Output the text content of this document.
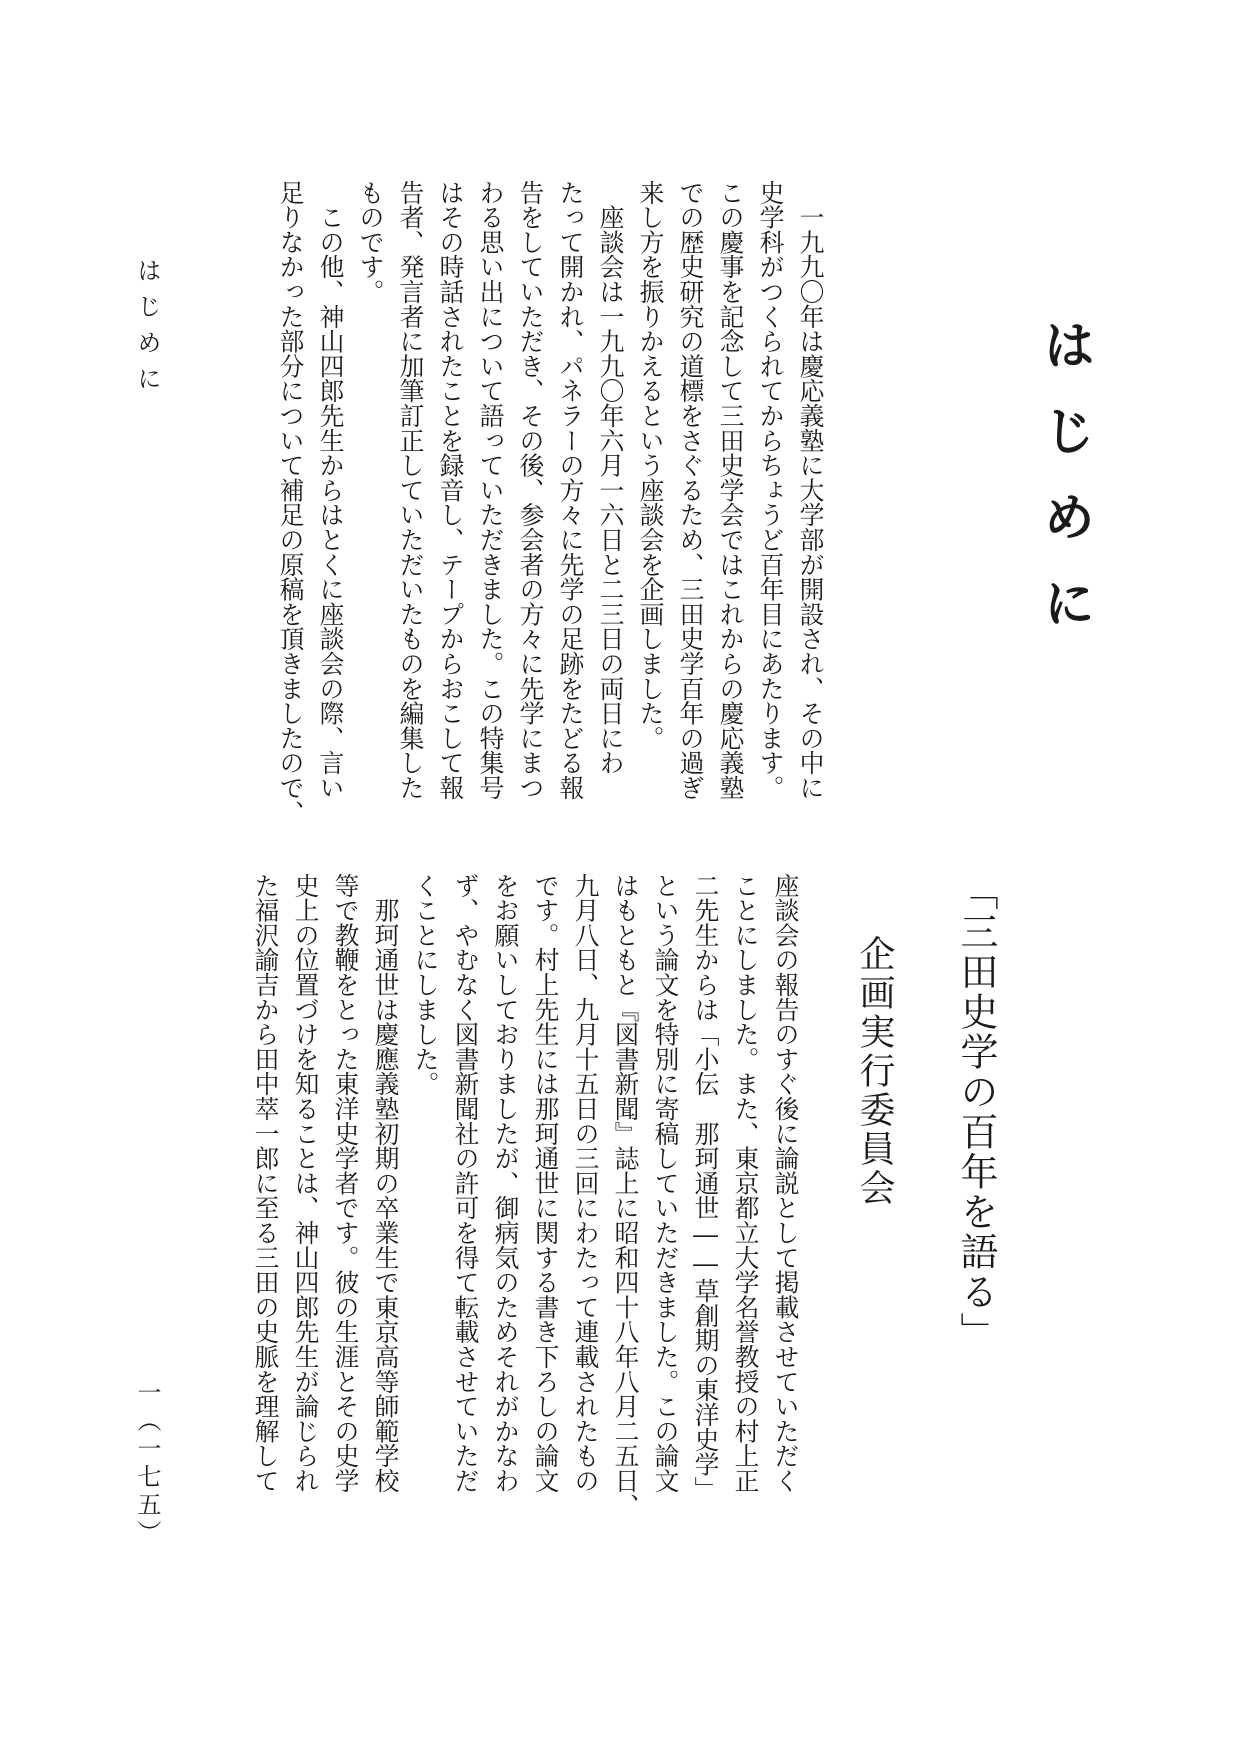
はじめに
「三田史学の百年を語る」
企画実行委員会
　一九九〇年は慶応義塾に大学部が開設され、その中に
史学科がつくられてからちょうど百年目にあたります。
この慶事を記念して三田史学会ではこれからの慶応義塾
での歴史研究の道標をさぐるため、三田史学百年の過ぎ
来し方を振りかえるという座談会を企画しました。
　座談会は一九九〇年六月一六日と二三日の両日にわ
たって開かれ、パネラーの方々に先学の足跡をたどる報
告をしていただき、その後、参会者の方々に先学にまつ
わる思い出について語っていただきました。この特集号
はその時話されたことを録音し、テープからおこして報
告者、発言者に加筆訂正していただいたものを編集した
ものです。
　この他、神山四郎先生からはとくに座談会の際、言い
足りなかった部分について補足の原稿を頂きましたので、
座談会の報告のすぐ後に論説として掲載させていただく
ことにしました。また、東京都立大学名誉教授の村上正
二先生からは「小伝　那珂通世――草創期の東洋史学」
という論文を特別に寄稿していただきました。この論文
はもともと『図書新聞』誌上に昭和四十八年八月二五日、
九月八日、九月十五日の三回にわたって連載されたもの
です。村上先生には那珂通世に関する書き下ろしの論文
をお願いしておりましたが、御病気のためそれがかなわ
ず、やむなく図書新聞社の許可を得て転載させていただ
くことにしました。
　那珂通世は慶應義塾初期の卒業生で東京高等師範学校
等で教鞭をとった東洋史学者です。彼の生涯とその史学
史上の位置づけを知ることは、神山四郎先生が論じられ
た福沢諭吉から田中萃一郎に至る三田の史脈を理解して
はじめに
一（一七五）
